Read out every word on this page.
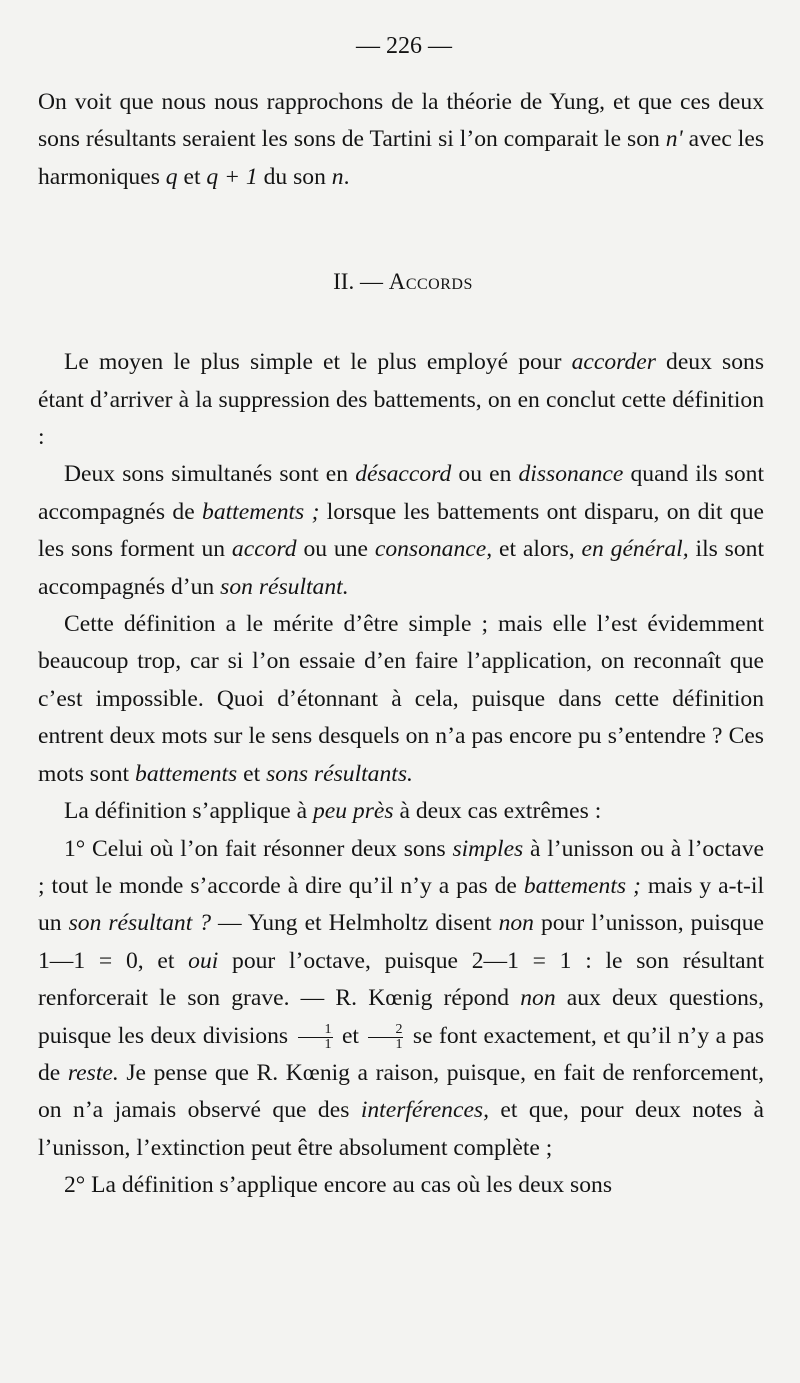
— 226 —

On voit que nous nous rapprochons de la théorie de Yung, et que ces deux sons résultants seraient les sons de Tartini si l’on comparait le son n' avec les harmoniques q et q + 1 du son n.

II. — Accords

Le moyen le plus simple et le plus employé pour accorder deux sons étant d’arriver à la suppression des battements, on en conclut cette définition :

Deux sons simultanés sont en désaccord ou en dissonance quand ils sont accompagnés de battements ; lorsque les battements ont disparu, on dit que les sons forment un accord ou une consonance, et alors, en général, ils sont accompagnés d’un son résultant.

Cette définition a le mérite d’être simple ; mais elle l’est évidemment beaucoup trop, car si l’on essaie d’en faire l’application, on reconnaît que c’est impossible. Quoi d’étonnant à cela, puisque dans cette définition entrent deux mots sur le sens desquels on n’a pas encore pu s’entendre ? Ces mots sont battements et sons résultants.

La définition s’applique à peu près à deux cas extrêmes :

1° Celui où l’on fait résonner deux sons simples à l’unisson ou à l’octave ; tout le monde s’accorde à dire qu’il n’y a pas de battements ; mais y a-t-il un son résultant ? — Yung et Helmholtz disent non pour l’unisson, puisque 1—1 = 0, et oui pour l’octave, puisque 2—1 = 1 : le son résultant renforcerait le son grave. — R. Kœnig répond non aux deux questions, puisque les deux divisions $\frac{1}{1}$ et $\frac{2}{1}$ se font exactement, et qu’il n’y a pas de reste. Je pense que R. Kœnig a raison, puisque, en fait de renforcement, on n’a jamais observé que des interférences, et que, pour deux notes à l’unisson, l’extinction peut être absolument complète ;

2° La définition s’applique encore au cas où les deux sons
